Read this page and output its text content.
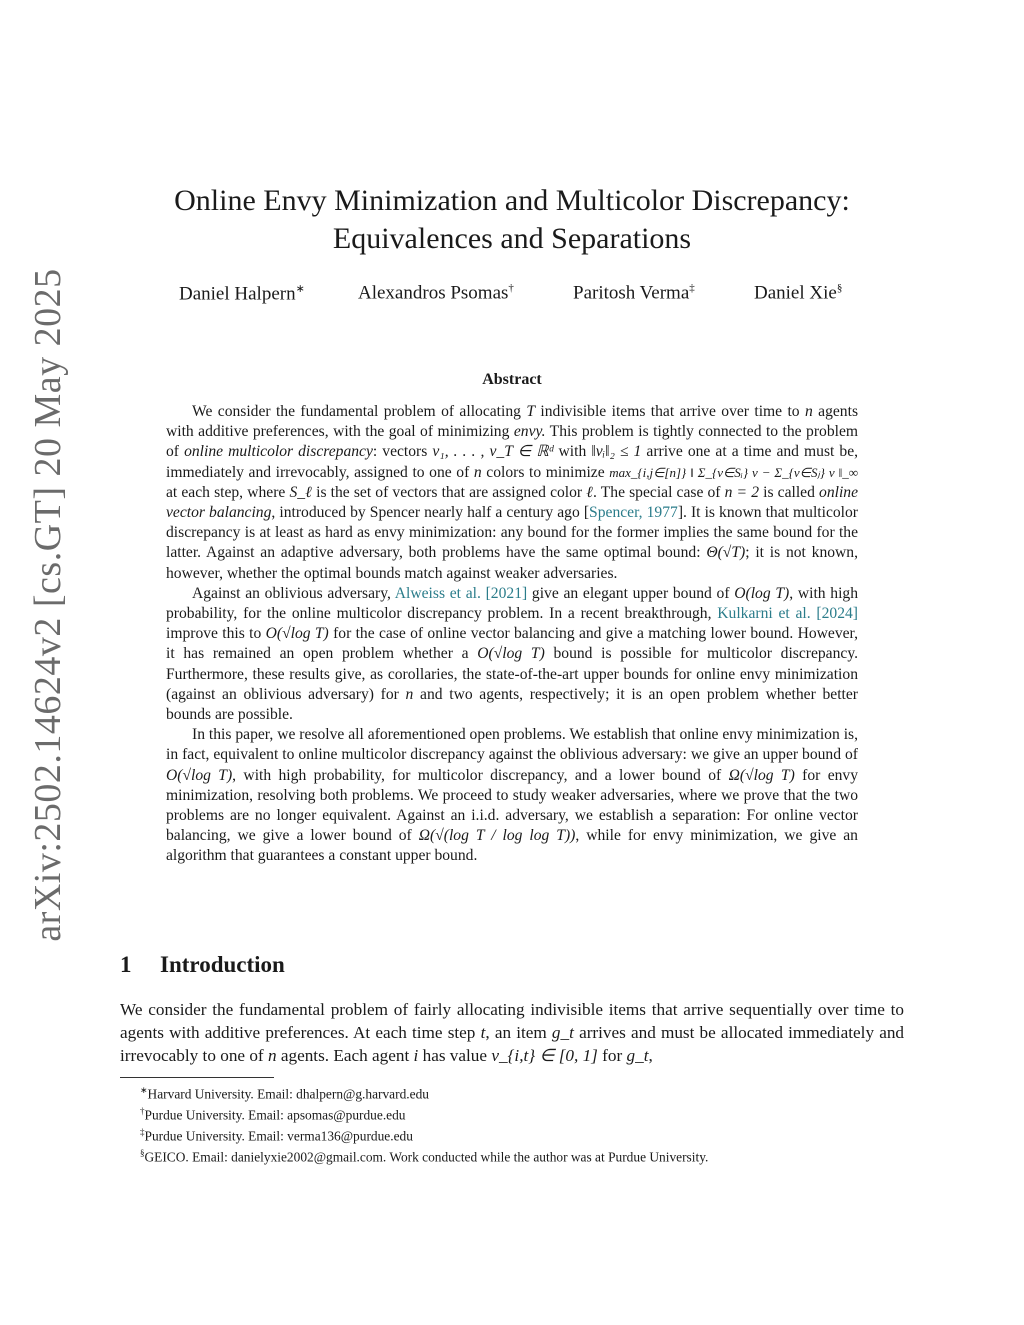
arXiv:2502.14624v2 [cs.GT] 20 May 2025
Online Envy Minimization and Multicolor Discrepancy:
Equivalences and Separations
Daniel Halpern∗	Alexandros Psomas†	Paritosh Verma‡	Daniel Xie§
Abstract

We consider the fundamental problem of allocating T indivisible items that arrive over time to n agents with additive preferences, with the goal of minimizing envy. This problem is tightly connected to the problem of online multicolor discrepancy: vectors v₁, . . . , v_T ∈ ℝᵈ with ‖vᵢ‖₂ ≤ 1 arrive one at a time and must be, immediately and irrevocably, assigned to one of n colors to minimize max_{i,j∈[n]} ‖ Σ_{v∈Sᵢ} v − Σ_{v∈Sⱼ} v ‖_∞ at each step, where S_ℓ is the set of vectors that are assigned color ℓ. The special case of n = 2 is called online vector balancing, introduced by Spencer nearly half a century ago [Spencer, 1977]. It is known that multicolor discrepancy is at least as hard as envy minimization: any bound for the former implies the same bound for the latter. Against an adaptive adversary, both problems have the same optimal bound: Θ(√T); it is not known, however, whether the optimal bounds match against weaker adversaries.

Against an oblivious adversary, Alweiss et al. [2021] give an elegant upper bound of O(log T), with high probability, for the online multicolor discrepancy problem. In a recent breakthrough, Kulkarni et al. [2024] improve this to O(√log T) for the case of online vector balancing and give a matching lower bound. However, it has remained an open problem whether a O(√log T) bound is possible for multicolor discrepancy. Furthermore, these results give, as corollaries, the state-of-the-art upper bounds for online envy minimization (against an oblivious adversary) for n and two agents, respectively; it is an open problem whether better bounds are possible.

In this paper, we resolve all aforementioned open problems. We establish that online envy minimization is, in fact, equivalent to online multicolor discrepancy against the oblivious adversary: we give an upper bound of O(√log T), with high probability, for multicolor discrepancy, and a lower bound of Ω(√log T) for envy minimization, resolving both problems. We proceed to study weaker adversaries, where we prove that the two problems are no longer equivalent. Against an i.i.d. adversary, we establish a separation: For online vector balancing, we give a lower bound of Ω(√(log T / log log T)), while for envy minimization, we give an algorithm that guarantees a constant upper bound.

1 Introduction

We consider the fundamental problem of fairly allocating indivisible items that arrive sequentially over time to agents with additive preferences. At each time step t, an item g_t arrives and must be allocated immediately and irrevocably to one of n agents. Each agent i has value v_{i,t} ∈ [0, 1] for g_t,

∗Harvard University. Email: dhalpern@g.harvard.edu
†Purdue University. Email: apsomas@purdue.edu
‡Purdue University. Email: verma136@purdue.edu
§GEICO. Email: danielyxie2002@gmail.com. Work conducted while the author was at Purdue University.
